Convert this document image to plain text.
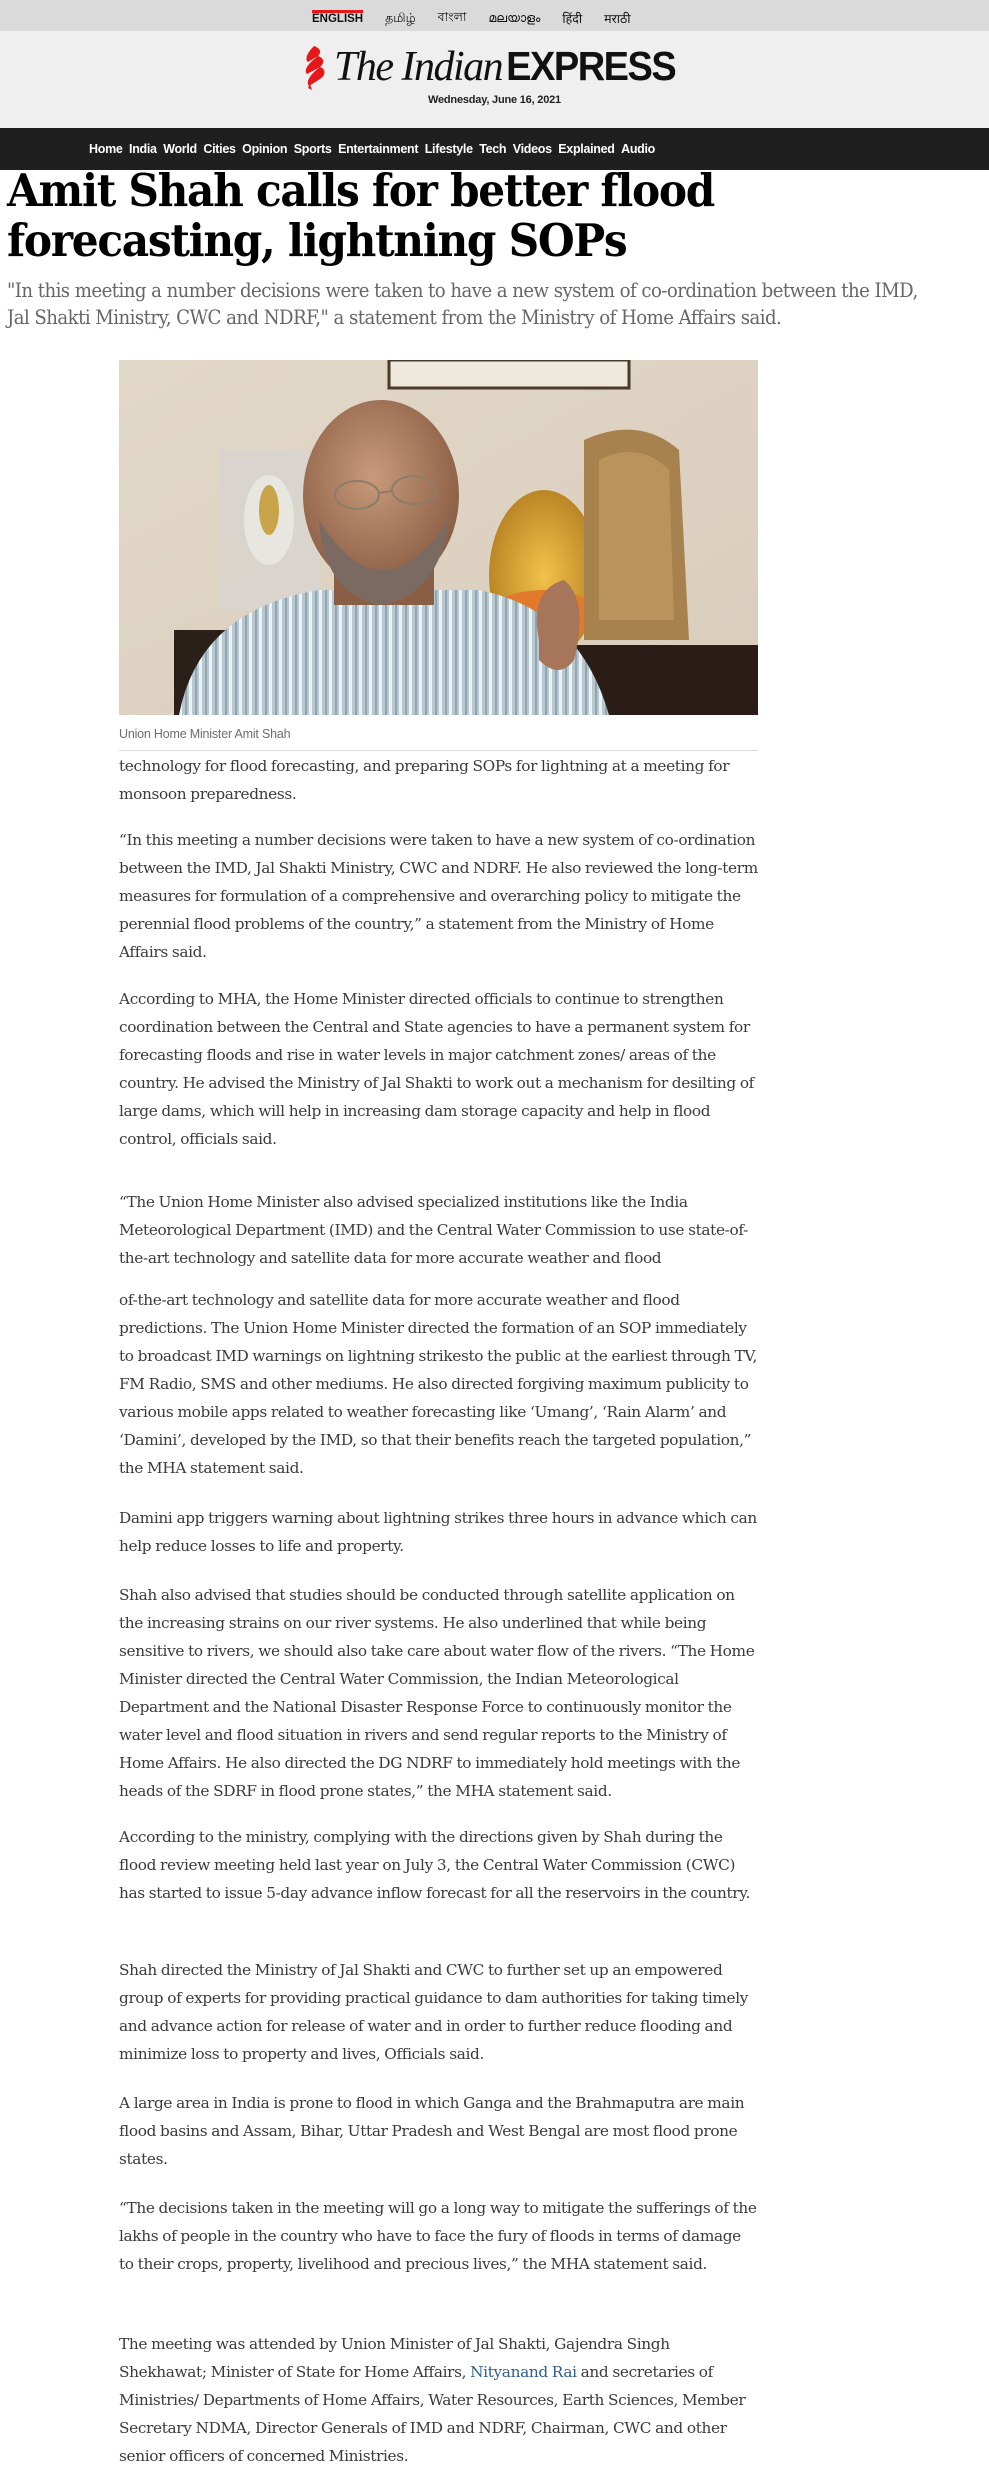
ENGLISH தமிழ் বাংলা മലയാളം हिंदी मराठी
The Indian EXPRESS
Wednesday, June 16, 2021
Home India World Cities Opinion Sports Entertainment Lifestyle Tech Videos Explained Audio
Amit Shah calls for better flood forecasting, lightning SOPs
"In this meeting a number decisions were taken to have a new system of co-ordination between the IMD, Jal Shakti Ministry, CWC and NDRF," a statement from the Ministry of Home Affairs said.
Union Home Minister Amit Shah

technology for flood forecasting, and preparing SOPs for lightning at a meeting for monsoon preparedness.

“In this meeting a number decisions were taken to have a new system of co-ordination between the IMD, Jal Shakti Ministry, CWC and NDRF. He also reviewed the long-term measures for formulation of a comprehensive and overarching policy to mitigate the perennial flood problems of the country,” a statement from the Ministry of Home Affairs said.

According to MHA, the Home Minister directed officials to continue to strengthen coordination between the Central and State agencies to have a permanent system for forecasting floods and rise in water levels in major catchment zones/ areas of the country. He advised the Ministry of Jal Shakti to work out a mechanism for desilting of large dams, which will help in increasing dam storage capacity and help in flood control, officials said.

“The Union Home Minister also advised specialized institutions like the India Meteorological Department (IMD) and the Central Water Commission to use state-of-the-art technology and satellite data for more accurate weather and flood

of-the-art technology and satellite data for more accurate weather and flood predictions. The Union Home Minister directed the formation of an SOP immediately to broadcast IMD warnings on lightning strikesto the public at the earliest through TV, FM Radio, SMS and other mediums. He also directed forgiving maximum publicity to various mobile apps related to weather forecasting like ‘Umang’, ‘Rain Alarm’ and ‘Damini’, developed by the IMD, so that their benefits reach the targeted population,” the MHA statement said.

Damini app triggers warning about lightning strikes three hours in advance which can help reduce losses to life and property.

Shah also advised that studies should be conducted through satellite application on the increasing strains on our river systems. He also underlined that while being sensitive to rivers, we should also take care about water flow of the rivers. “The Home Minister directed the Central Water Commission, the Indian Meteorological Department and the National Disaster Response Force to continuously monitor the water level and flood situation in rivers and send regular reports to the Ministry of Home Affairs. He also directed the DG NDRF to immediately hold meetings with the heads of the SDRF in flood prone states,” the MHA statement said.

According to the ministry, complying with the directions given by Shah during the flood review meeting held last year on July 3, the Central Water Commission (CWC) has started to issue 5-day advance inflow forecast for all the reservoirs in the country.

Shah directed the Ministry of Jal Shakti and CWC to further set up an empowered group of experts for providing practical guidance to dam authorities for taking timely and advance action for release of water and in order to further reduce flooding and minimize loss to property and lives, Officials said.

A large area in India is prone to flood in which Ganga and the Brahmaputra are main flood basins and Assam, Bihar, Uttar Pradesh and West Bengal are most flood prone states.

“The decisions taken in the meeting will go a long way to mitigate the sufferings of the lakhs of people in the country who have to face the fury of floods in terms of damage to their crops, property, livelihood and precious lives,” the MHA statement said.

The meeting was attended by Union Minister of Jal Shakti, Gajendra Singh Shekhawat; Minister of State for Home Affairs, Nityanand Rai and secretaries of Ministries/ Departments of Home Affairs, Water Resources, Earth Sciences, Member Secretary NDMA, Director Generals of IMD and NDRF, Chairman, CWC and other senior officers of concerned Ministries.
